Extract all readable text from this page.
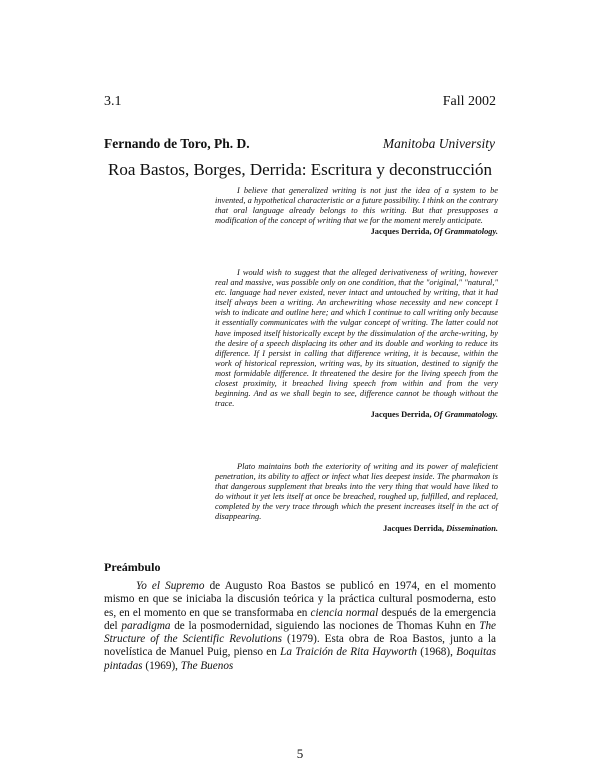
3.1	Fall 2002
Fernando de Toro, Ph. D.	Manitoba University
Roa Bastos, Borges, Derrida: Escritura y deconstrucción

I believe that generalized writing is not just the idea of a system to be invented, a hypothetical characteristic or a future possibility. I think on the contrary that oral language already belongs to this writing. But that presupposes a modification of the concept of writing that we for the moment merely anticipate.

Jacques Derrida, Of Grammatology.

I would wish to suggest that the alleged derivativeness of writing, however real and massive, was possible only on one condition, that the "original," "natural," etc. language had never existed, never intact and untouched by writing, that it had itself always been a writing. An archewriting whose necessity and new concept I wish to indicate and outline here; and which I continue to call writing only because it essentially communicates with the vulgar concept of writing. The latter could not have imposed itself historically except by the dissimulation of the arche-writing, by the desire of a speech displacing its other and its double and working to reduce its difference. If I persist in calling that difference writing, it is because, within the work of historical repression, writing was, by its situation, destined to signify the most formidable difference. It threatened the desire for the living speech from the closest proximity, it breached living speech from within and from the very beginning. And as we shall begin to see, difference cannot be though without the trace.

Jacques Derrida, Of Grammatology.

Plato maintains both the exteriority of writing and its power of maleficient penetration, its ability to affect or infect what lies deepest inside. The pharmakon is that dangerous supplement that breaks into the very thing that would have liked to do without it yet lets itself at once be breached, roughed up, fulfilled, and replaced, completed by the very trace through which the present increases itself in the act of disappearing.

Jacques Derrida, Dissemination.
Preámbulo

Yo el Supremo de Augusto Roa Bastos se publicó en 1974, en el momento mismo en que se iniciaba la discusión teórica y la práctica cultural posmoderna, esto es, en el momento en que se transformaba en ciencia normal después de la emergencia del paradigma de la posmodernidad, siguiendo las nociones de Thomas Kuhn en The Structure of the Scientific Revolutions (1979). Esta obra de Roa Bastos, junto a la novelística de Manuel Puig, pienso en La Traición de Rita Hayworth (1968), Boquitas pintadas (1969), The Buenos

5
